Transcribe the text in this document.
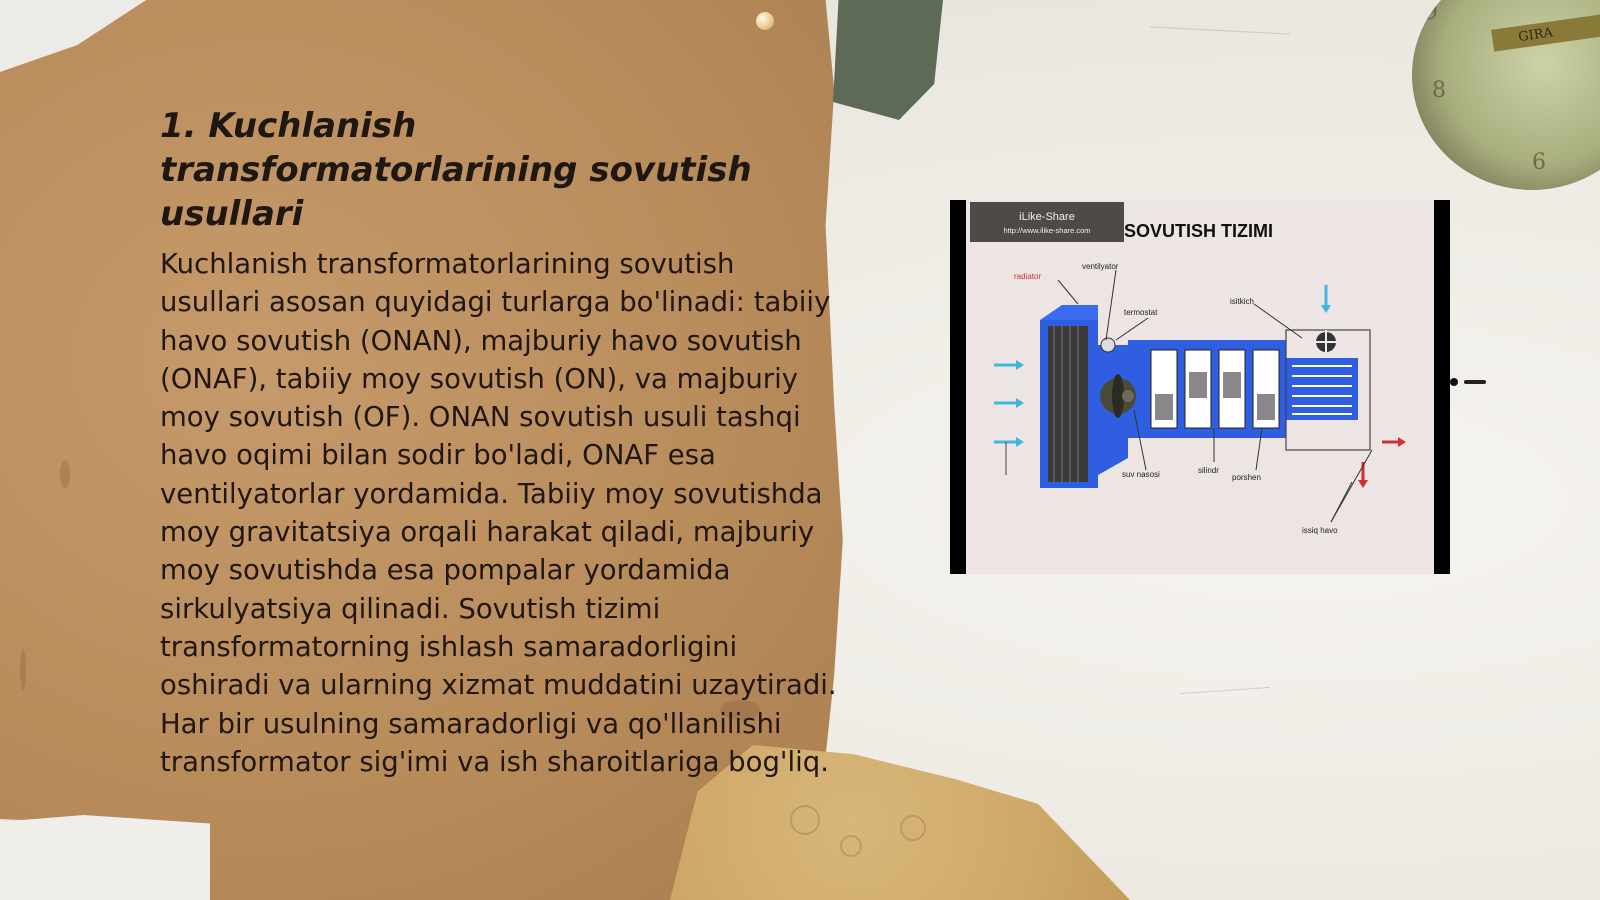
9
8
6
GIRA
1. Kuchlanish transformatorlarining sovutish usullari

Kuchlanish transformatorlarining sovutish usullari asosan quyidagi turlarga bo'linadi: tabiiy havo sovutish (ONAN), majburiy havo sovutish (ONAF), tabiiy moy sovutish (ON), va majburiy moy sovutish (OF). ONAN sovutish usuli tashqi havo oqimi bilan sodir bo'ladi, ONAF esa ventilyatorlar yordamida. Tabiiy moy sovutishda moy gravitatsiya orqali harakat qiladi, majburiy moy sovutishda esa pompalar yordamida sirkulyatsiya qilinadi. Sovutish tizimi transformatorning ishlash samaradorligini oshiradi va ularning xizmat muddatini uzaytiradi. Har bir usulning samaradorligi va qo'llanilishi transformator sig'imi va ish sharoitlariga bog'liq.

iLike-Share
http://www.ilike-share.com	SOVUTISH TIZIMI
radiator
ventilyator
termostat
isitkich
suv nasosi	silindr
porshen
issiq havo
